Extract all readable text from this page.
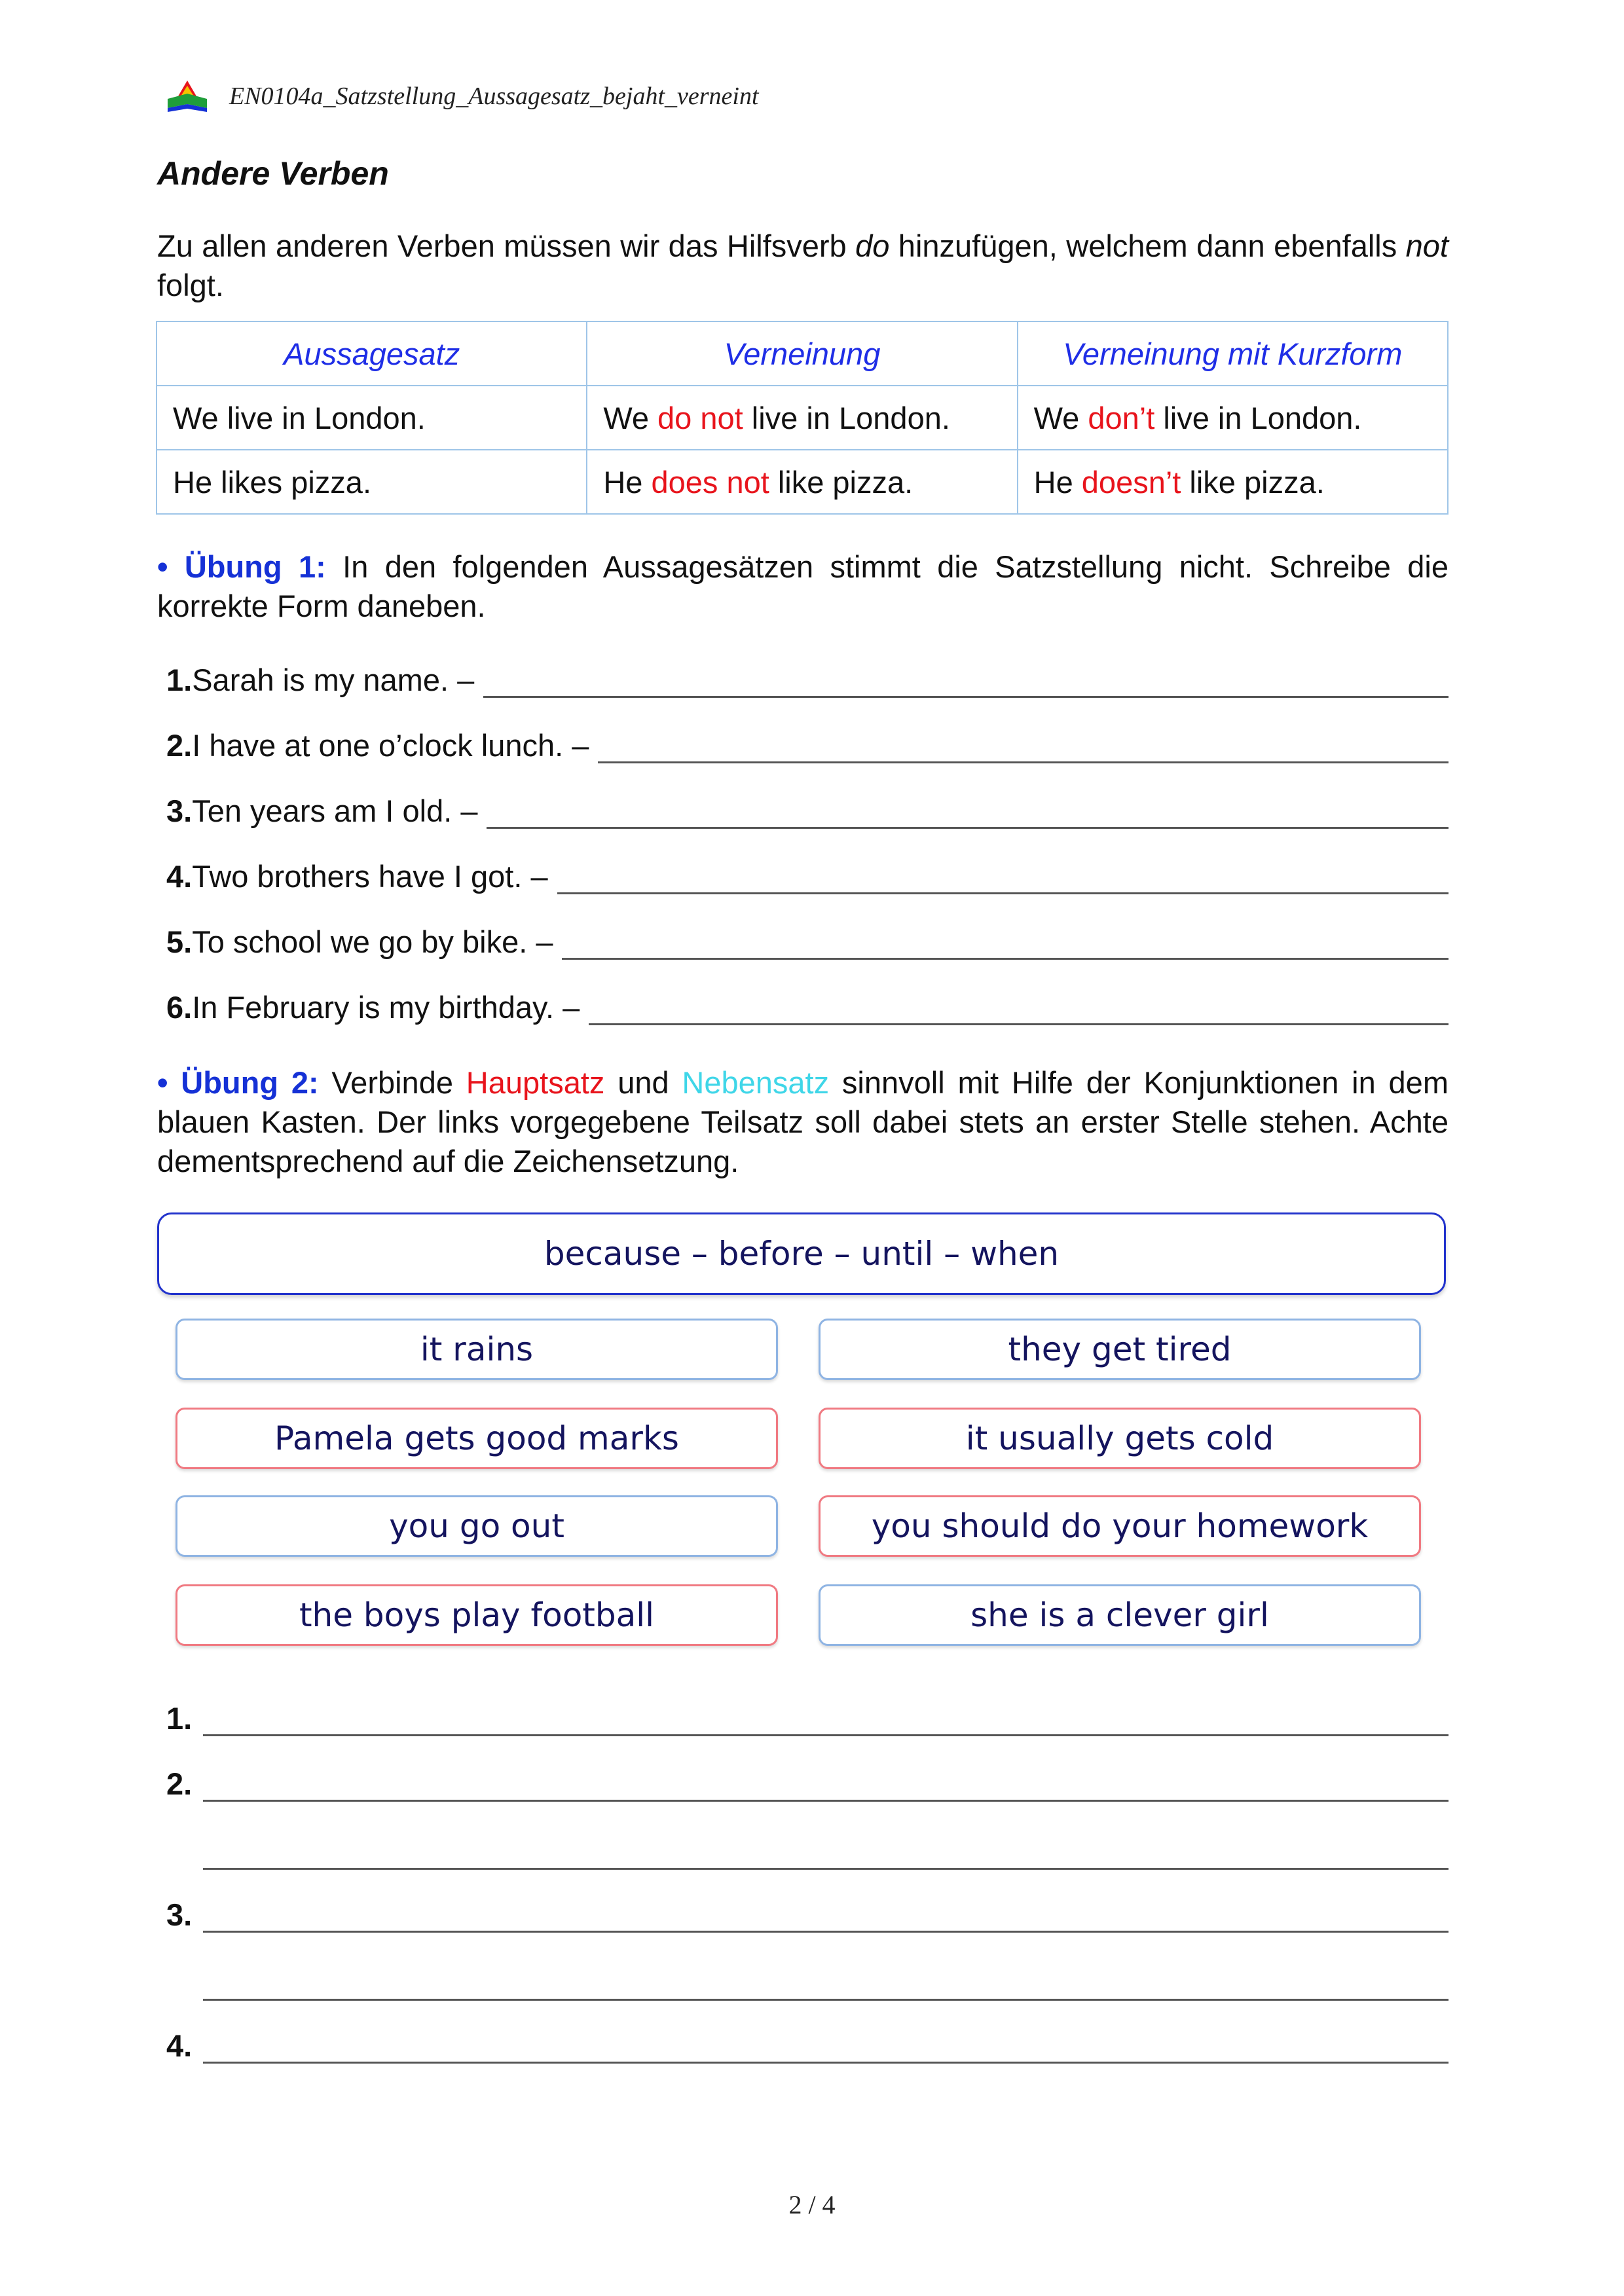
EN0104a_Satzstellung_Aussagesatz_bejaht_verneint
Andere Verben

Zu allen anderen Verben müssen wir das Hilfsverb do hinzufügen, welchem dann ebenfalls not folgt.

Aussagesatz	Verneinung	Verneinung mit Kurzform
We live in London.	We do not live in London.	We don’t live in London.
He likes pizza.	He does not like pizza.	He doesn’t like pizza.

• Übung 1: In den folgenden Aussagesätzen stimmt die Satzstellung nicht. Schreibe die korrekte Form daneben.

1. Sarah is my name. –
2. I have at one o’clock lunch. –
3. Ten years am I old. –
4. Two brothers have I got. –
5. To school we go by bike. –
6. In February is my birthday. –

• Übung 2: Verbinde Hauptsatz und Nebensatz sinnvoll mit Hilfe der Konjunktionen in dem blauen Kasten. Der links vorgegebene Teilsatz soll dabei stets an erster Stelle stehen. Achte dementsprechend auf die Zeichensetzung.

because – before – until – when
it rains	they get tired
Pamela gets good marks	it usually gets cold
you go out	you should do your homework
the boys play football	she is a clever girl
1.
2.
3.
4.
2 / 4
